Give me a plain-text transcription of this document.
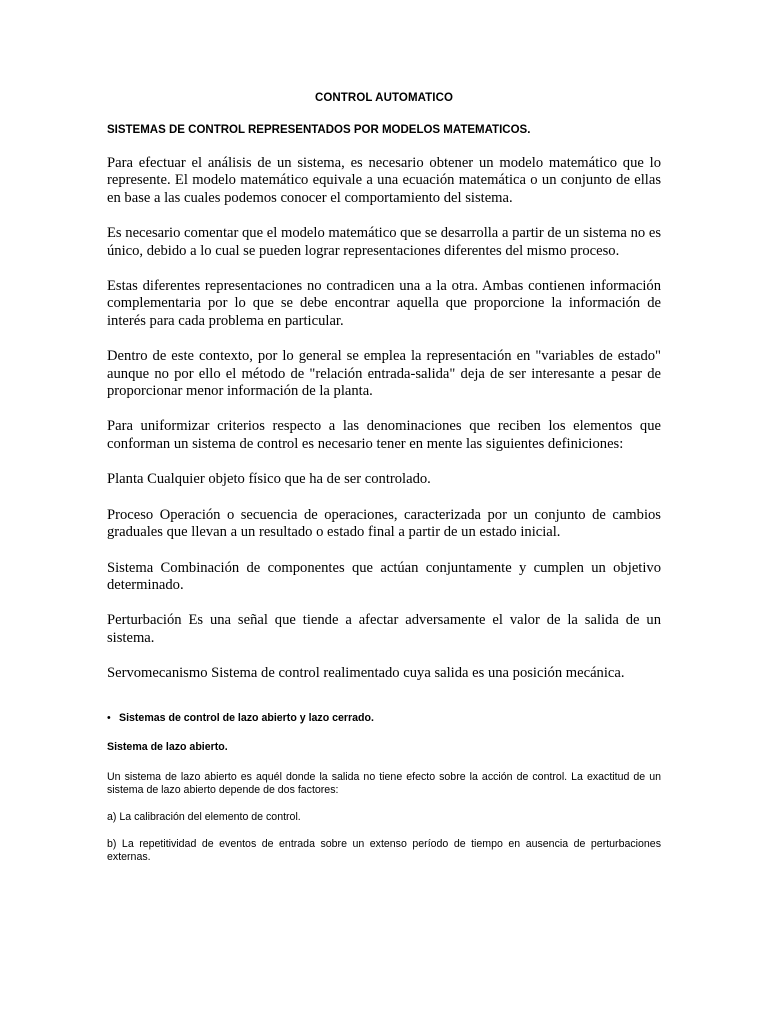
CONTROL AUTOMATICO
SISTEMAS DE CONTROL REPRESENTADOS POR MODELOS MATEMATICOS.

Para efectuar el análisis de un sistema, es necesario obtener un modelo matemático que lo represente. El modelo matemático equivale a una ecuación matemática o un conjunto de ellas en base a las cuales podemos conocer el comportamiento del sistema.

Es necesario comentar que el modelo matemático que se desarrolla a partir de un sistema no es único, debido a lo cual se pueden lograr representaciones diferentes del mismo proceso.

Estas diferentes representaciones no contradicen una a la otra. Ambas contienen información complementaria por lo que se debe encontrar aquella que proporcione la información de interés para cada problema en particular.

Dentro de este contexto, por lo general se emplea la representación en "variables de estado" aunque no por ello el método de "relación entrada-salida" deja de ser interesante a pesar de proporcionar menor información de la planta.

Para uniformizar criterios respecto a las denominaciones que reciben los elementos que conforman un sistema de control es necesario tener en mente las siguientes definiciones:

Planta Cualquier objeto físico que ha de ser controlado.

Proceso Operación o secuencia de operaciones, caracterizada por un conjunto de cambios graduales que llevan a un resultado o estado final a partir de un estado inicial.

Sistema Combinación de componentes que actúan conjuntamente y cumplen un objetivo determinado.

Perturbación Es una señal que tiende a afectar adversamente el valor de la salida de un sistema.

Servomecanismo Sistema de control realimentado cuya salida es una posición mecánica.

• Sistemas de control de lazo abierto y lazo cerrado.
Sistema de lazo abierto.

Un sistema de lazo abierto es aquél donde la salida no tiene efecto sobre la acción de control. La exactitud de un sistema de lazo abierto depende de dos factores:

a) La calibración del elemento de control.

b) La repetitividad de eventos de entrada sobre un extenso período de tiempo en ausencia de perturbaciones externas.
